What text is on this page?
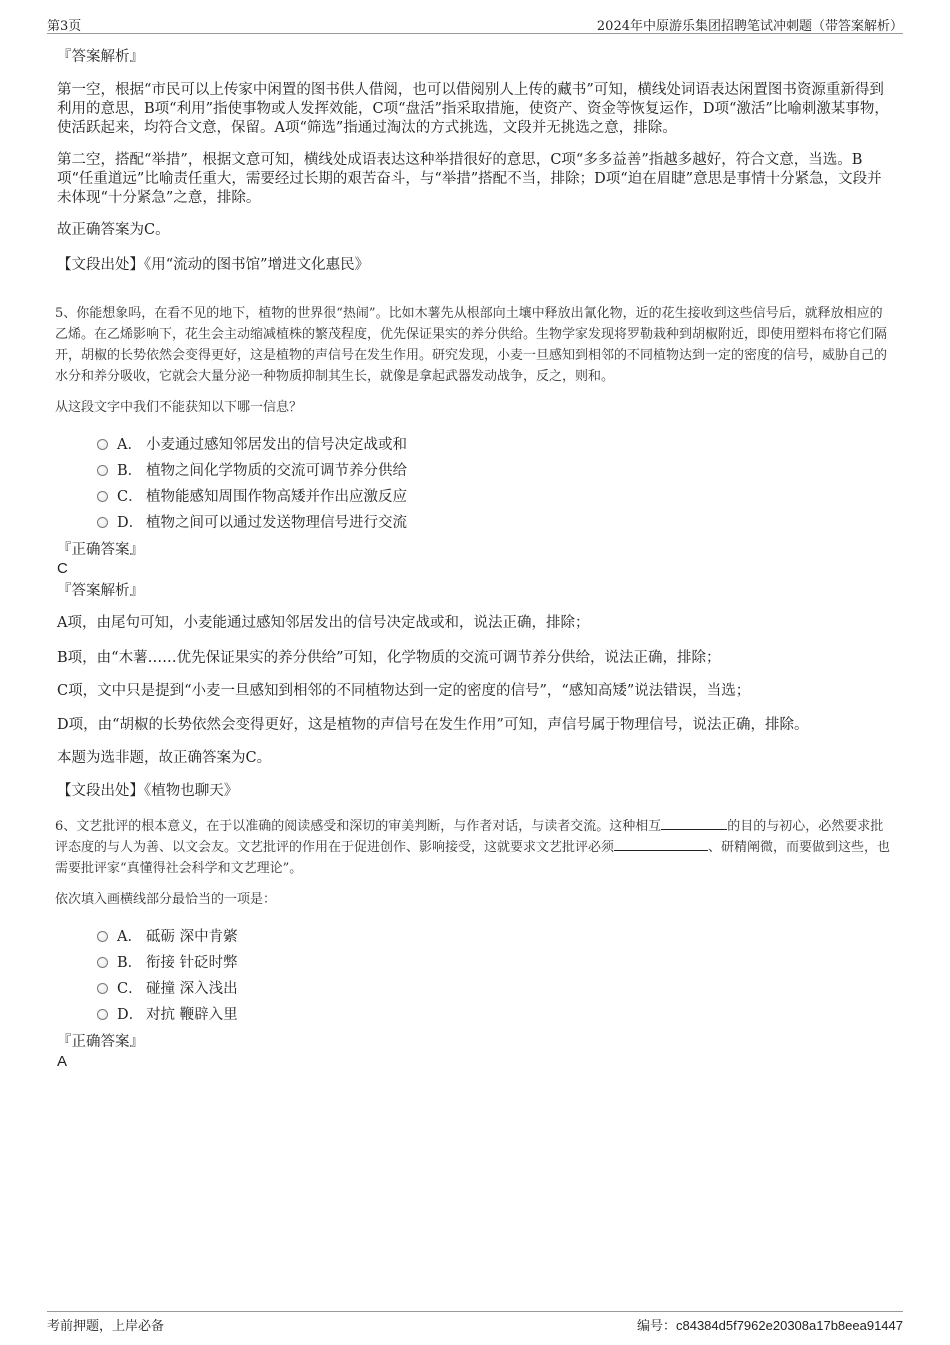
第3页	2024年中原游乐集团招聘笔试冲刺题（带答案解析）
『答案解析』

第一空，根据“市民可以上传家中闲置的图书供人借阅，也可以借阅别人上传的藏书”可知，横线处词语表达闲置图书资源重新得到利用的意思，B项“利用”指使事物或人发挥效能，C项“盘活”指采取措施，使资产、资金等恢复运作，D项“激活”比喻刺激某事物，使活跃起来，均符合文意，保留。A项“筛选”指通过淘汰的方式挑选，文段并无挑选之意，排除。

第二空，搭配“举措”，根据文意可知，横线处成语表达这种举措很好的意思，C项“多多益善”指越多越好，符合文意，当选。B项“任重道远”比喻责任重大，需要经过长期的艰苦奋斗，与“举措”搭配不当，排除；D项“迫在眉睫”意思是事情十分紧急，文段并未体现“十分紧急”之意，排除。

故正确答案为C。

【文段出处】《用“流动的图书馆”增进文化惠民》

5、你能想象吗，在看不见的地下，植物的世界很“热闹”。比如木薯先从根部向土壤中释放出氰化物，近的花生接收到这些信号后，就释放相应的乙烯。在乙烯影响下，花生会主动缩减植株的繁茂程度，优先保证果实的养分供给。生物学家发现将罗勒栽种到胡椒附近，即使用塑料布将它们隔开，胡椒的长势依然会变得更好，这是植物的声信号在发生作用。研究发现，小麦一旦感知到相邻的不同植物达到一定的密度的信号，威胁自己的水分和养分吸收，它就会大量分泌一种物质抑制其生长，就像是拿起武器发动战争，反之，则和。

从这段文字中我们不能获知以下哪一信息？

A． 小麦通过感知邻居发出的信号决定战或和
B． 植物之间化学物质的交流可调节养分供给
C． 植物能感知周围作物高矮并作出应激反应
D． 植物之间可以通过发送物理信号进行交流
『正确答案』
C
『答案解析』

A项，由尾句可知，小麦能通过感知邻居发出的信号决定战或和，说法正确，排除；

B项，由“木薯……优先保证果实的养分供给”可知，化学物质的交流可调节养分供给，说法正确，排除；

C项，文中只是提到“小麦一旦感知到相邻的不同植物达到一定的密度的信号”，“感知高矮”说法错误，当选；

D项，由“胡椒的长势依然会变得更好，这是植物的声信号在发生作用”可知，声信号属于物理信号，说法正确，排除。

本题为选非题，故正确答案为C。

【文段出处】《植物也聊天》

6、文艺批评的根本意义，在于以准确的阅读感受和深切的审美判断，与作者对话，与读者交流。这种相互	的目的与初心，必然要求批评态度的与人为善、以文会友。文艺批评的作用在于促进创作、影响接受，这就要求文艺批评必须	、研精阐微，而要做到这些，也需要批评家“真懂得社会科学和文艺理论”。

依次填入画横线部分最恰当的一项是：

A． 砥砺 深中肯綮
B． 衔接 针砭时弊
C． 碰撞 深入浅出
D． 对抗 鞭辟入里
『正确答案』
A
考前押题，上岸必备	编号：c84384d5f7962e20308a17b8eea91447
